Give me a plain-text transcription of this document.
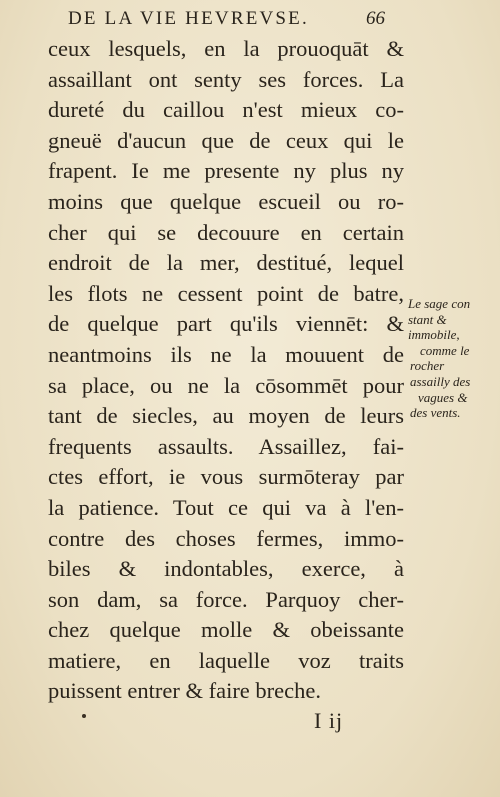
DE LA VIE HEVREVSE.	66
ceux lesquels, en la prouoquāt &
assaillant ont senty ses forces. La
dureté du caillou n'est mieux co-
gneuë d'aucun que de ceux qui le
frapent. Ie me presente ny plus ny
moins que quelque escueil ou ro-
cher qui se decouure en certain
endroit de la mer, destitué, lequel
les flots ne cessent point de batre,
de quelque part qu'ils viennēt: &
neantmoins ils ne la mouuent de
sa place, ou ne la cōsommēt pour
tant de siecles, au moyen de leurs
frequents assaults. Assaillez, fai-
ctes effort, ie vous surmōteray par
la patience. Tout ce qui va à l'en-
contre des choses fermes, immo-
biles & indontables, exerce, à
son dam, sa force. Parquoy cher-
chez quelque molle & obeissante
matiere, en laquelle voz traits
puissent entrer & faire breche.
Le sage con
stant &
immobile,
comme le
rocher
assailly des
vagues &
des vents.
I ij
